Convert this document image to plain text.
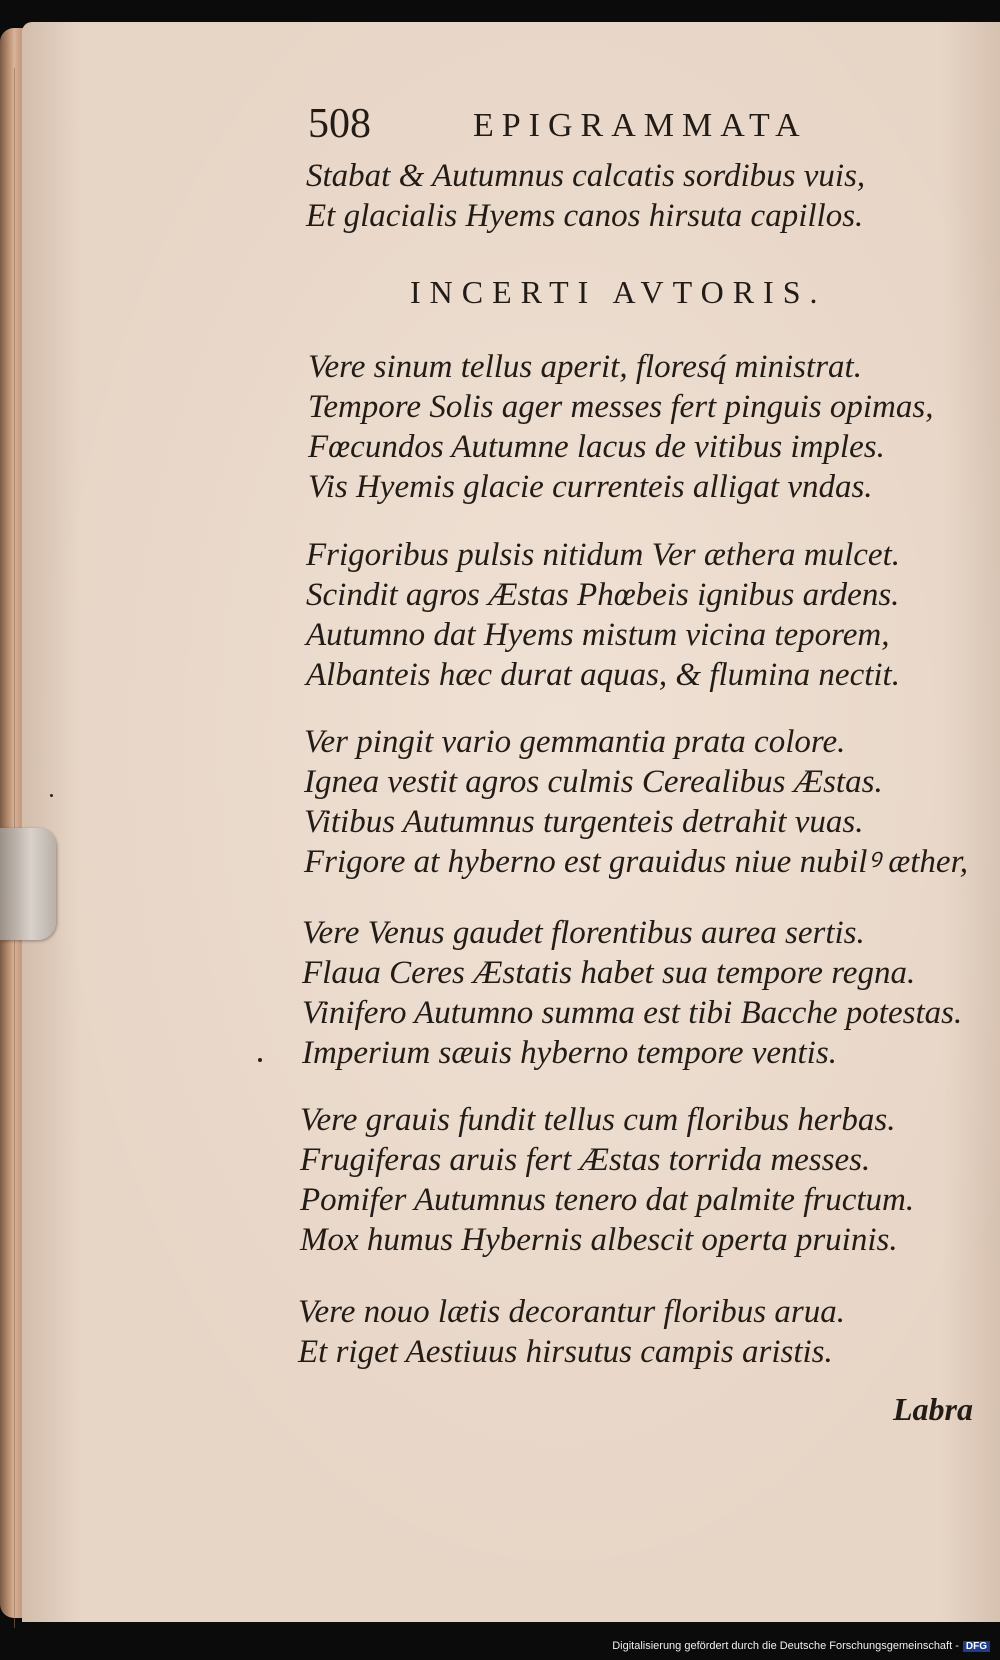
508	EPIGRAMMATA
Stabat & Autumnus calcatis sordibus vuis,
Et glacialis Hyems canos hirsuta capillos.
INCERTI AVTORIS.
Vere sinum tellus aperit, floresq́ ministrat.
Tempore Solis ager messes fert pinguis opimas,
Fœcundos Autumne lacus de vitibus imples.
Vis Hyemis glacie currenteis alligat vndas.
Frigoribus pulsis nitidum Ver æthera mulcet.
Scindit agros Æstas Phœbeis ignibus ardens.
Autumno dat Hyems mistum vicina teporem,
Albanteis hæc durat aquas, & flumina nectit.
Ver pingit vario gemmantia prata colore.
Ignea vestit agros culmis Cerealibus Æstas.
Vitibus Autumnus turgenteis detrahit vuas.
Frigore at hyberno est grauidus niue nubilꝰ æther,
Vere Venus gaudet florentibus aurea sertis.
Flaua Ceres Æstatis habet sua tempore regna.
Vinifero Autumno summa est tibi Bacche potestas.
Imperium sæuis hyberno tempore ventis.
Vere grauis fundit tellus cum floribus herbas.
Frugiferas aruis fert Æstas torrida messes.
Pomifer Autumnus tenero dat palmite fructum.
Mox humus Hybernis albescit operta pruinis.
Vere nouo lætis decorantur floribus arua.
Et riget Aestiuus hirsutus campis aristis.
Labra
Digitalisierung gefördert durch die Deutsche Forschungsgemeinschaft - DFG
